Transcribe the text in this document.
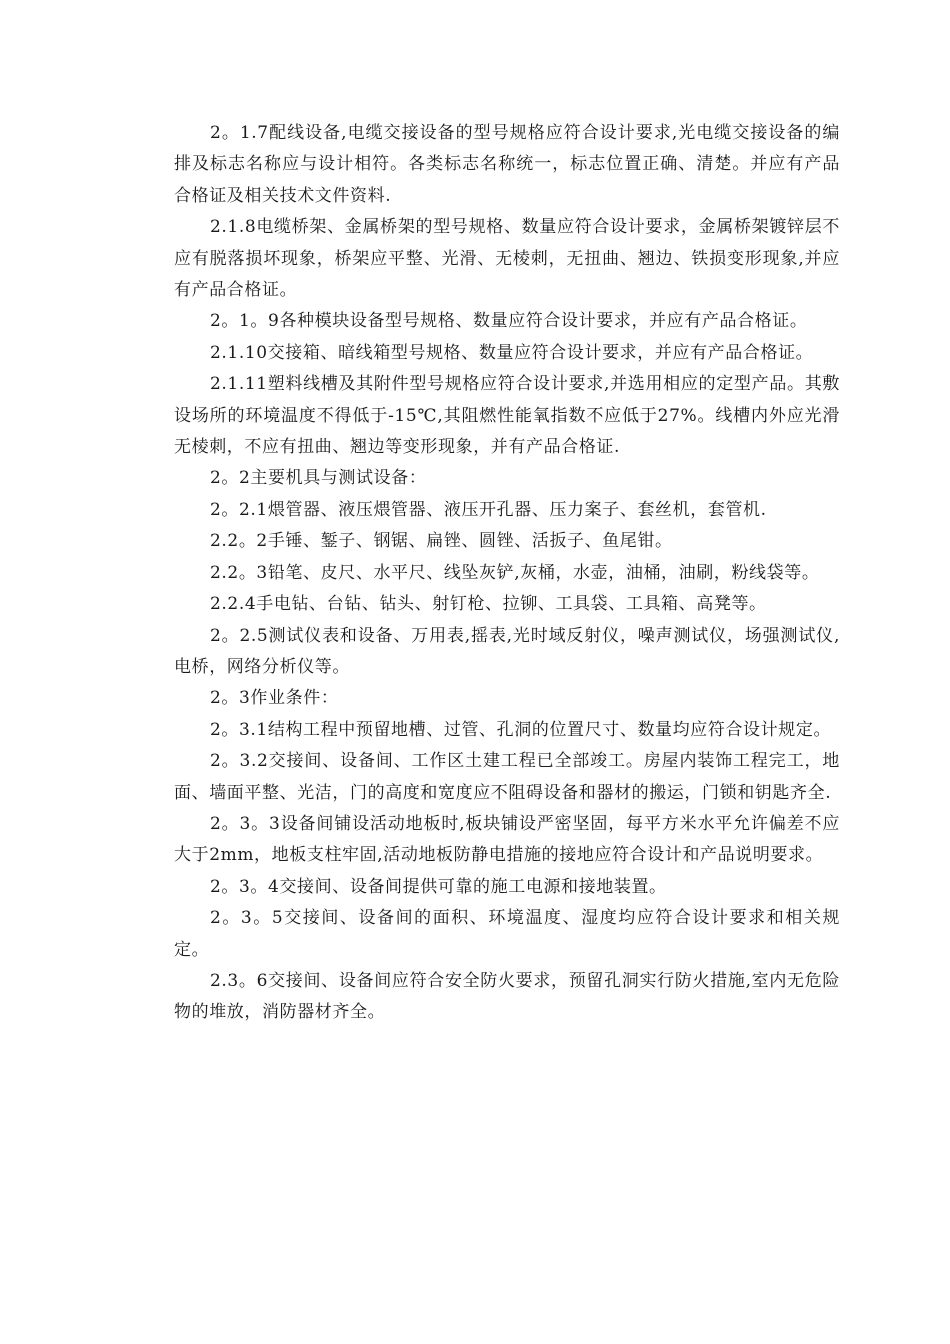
2。1.7配线设备,电缆交接设备的型号规格应符合设计要求,光电缆交接设备的编排及标志名称应与设计相符。各类标志名称统一，标志位置正确、清楚。并应有产品合格证及相关技术文件资料.

2.1.8电缆桥架、金属桥架的型号规格、数量应符合设计要求，金属桥架镀锌层不应有脱落损坏现象，桥架应平整、光滑、无棱刺，无扭曲、翘边、铁损变形现象,并应有产品合格证。

2。1。9各种模块设备型号规格、数量应符合设计要求，并应有产品合格证。

2.1.10交接箱、暗线箱型号规格、数量应符合设计要求，并应有产品合格证。

2.1.11塑料线槽及其附件型号规格应符合设计要求,并选用相应的定型产品。其敷设场所的环境温度不得低于-15℃,其阻燃性能氧指数不应低于27%。线槽内外应光滑无棱刺，不应有扭曲、翘边等变形现象，并有产品合格证.

2。2主要机具与测试设备：

2。2.1煨管器、液压煨管器、液压开孔器、压力案子、套丝机，套管机.

2.2。2手锤、錾子、钢锯、扁锉、圆锉、活扳子、鱼尾钳。

2.2。3铅笔、皮尺、水平尺、线坠灰铲,灰桶，水壶，油桶，油刷，粉线袋等。

2.2.4手电钻、台钻、钻头、射钉枪、拉铆、工具袋、工具箱、高凳等。

2。2.5测试仪表和设备、万用表,摇表,光时域反射仪，噪声测试仪，场强测试仪,电桥，网络分析仪等。

2。3作业条件：

2。3.1结构工程中预留地槽、过管、孔洞的位置尺寸、数量均应符合设计规定。

2。3.2交接间、设备间、工作区土建工程已全部竣工。房屋内装饰工程完工，地面、墙面平整、光洁，门的高度和宽度应不阻碍设备和器材的搬运，门锁和钥匙齐全.

2。3。3设备间铺设活动地板时,板块铺设严密坚固，每平方米水平允许偏差不应大于2mm，地板支柱牢固,活动地板防静电措施的接地应符合设计和产品说明要求。

2。3。4交接间、设备间提供可靠的施工电源和接地装置。

2。3。5交接间、设备间的面积、环境温度、湿度均应符合设计要求和相关规定。

2.3。6交接间、设备间应符合安全防火要求，预留孔洞实行防火措施,室内无危险物的堆放，消防器材齐全。
